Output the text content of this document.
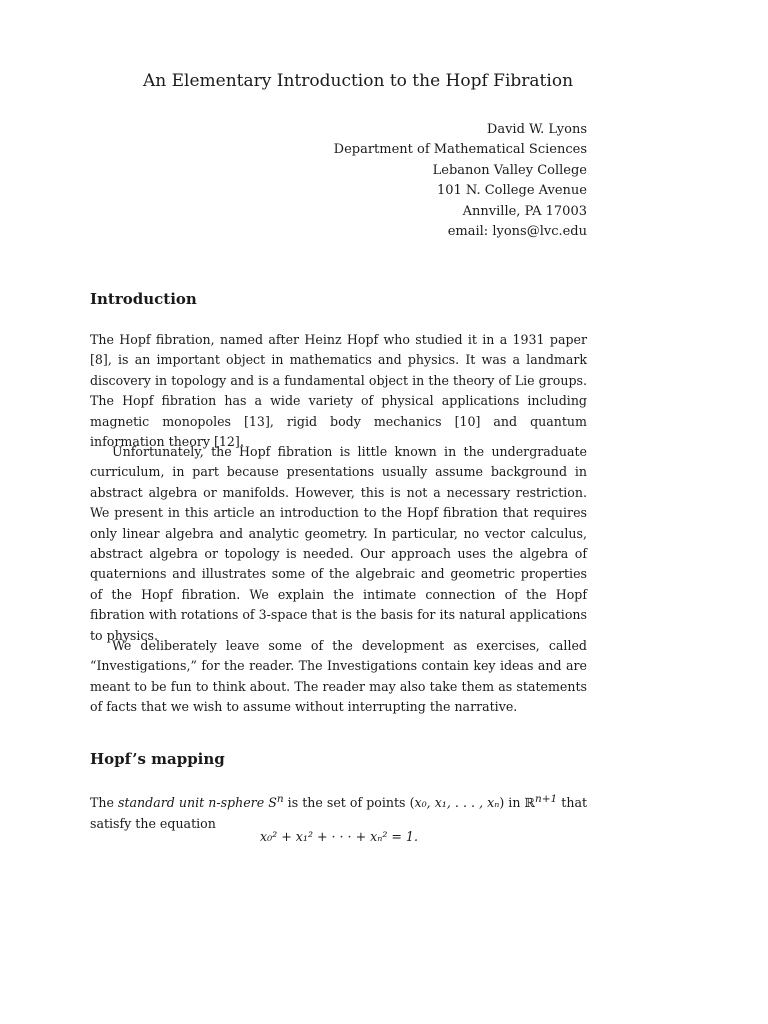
An Elementary Introduction to the Hopf Fibration
David W. Lyons
Department of Mathematical Sciences
Lebanon Valley College
101 N. College Avenue
Annville, PA 17003
email: lyons@lvc.edu
Introduction

The Hopf fibration, named after Heinz Hopf who studied it in a 1931 paper [8], is an important object in mathematics and physics. It was a landmark discovery in topology and is a fundamental object in the theory of Lie groups. The Hopf fibration has a wide variety of physical applications including magnetic monopoles [13], rigid body mechanics [10] and quantum information theory [12].

Unfortunately, the Hopf fibration is little known in the undergraduate curriculum, in part because presentations usually assume background in abstract algebra or manifolds. However, this is not a necessary restriction. We present in this article an introduction to the Hopf fibration that requires only linear algebra and analytic geometry. In particular, no vector calculus, abstract algebra or topology is needed. Our approach uses the algebra of quaternions and illustrates some of the algebraic and geometric properties of the Hopf fibration. We explain the intimate connection of the Hopf fibration with rotations of 3-space that is the basis for its natural applications to physics.

We deliberately leave some of the development as exercises, called “Investigations,” for the reader. The Investigations contain key ideas and are meant to be fun to think about. The reader may also take them as statements of facts that we wish to assume without interrupting the narrative.

Hopf’s mapping

The standard unit n-sphere $S^n$ is the set of points (x₀, x₁, . . . , xₙ) in ℝ$^{n+1}$ that satisfy the equation

x₀² + x₁² + · · · + xₙ² = 1.
